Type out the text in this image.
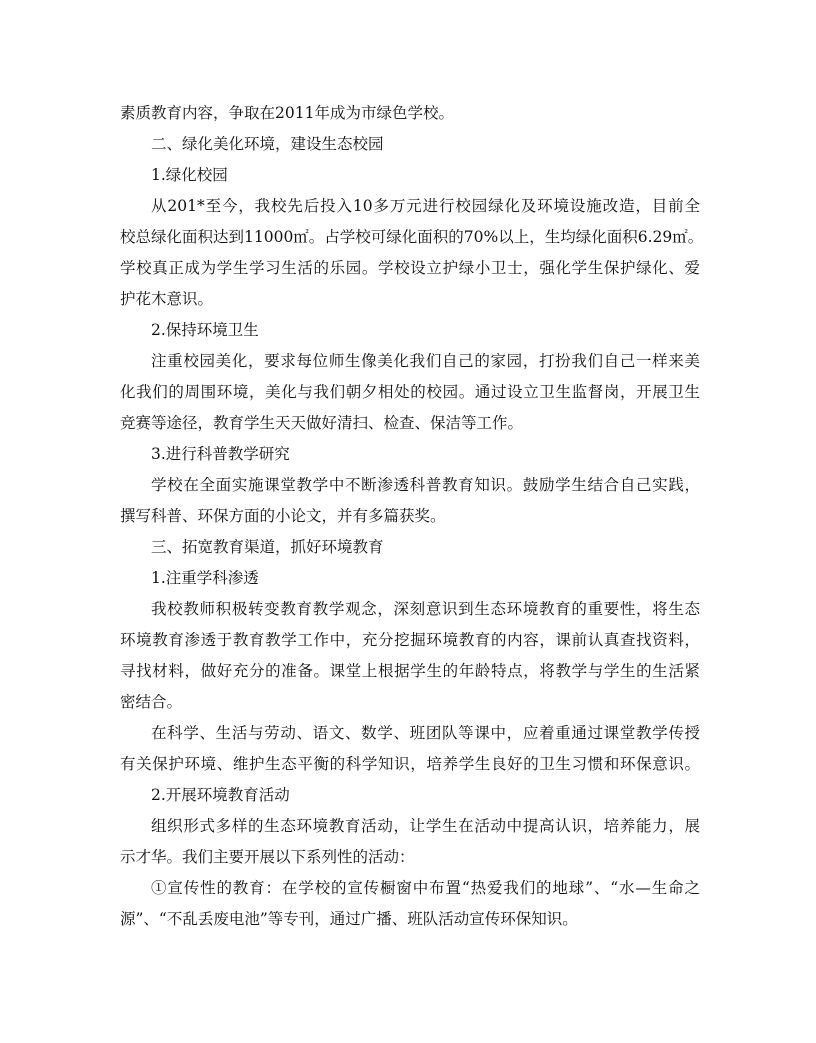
素质教育内容，争取在2011年成为市绿色学校。
二、绿化美化环境，建设生态校园
1.绿化校园
从201*至今，我校先后投入10多万元进行校园绿化及环境设施改造，目前全
校总绿化面积达到11000㎡。占学校可绿化面积的70%以上，生均绿化面积6.29㎡。
学校真正成为学生学习生活的乐园。学校设立护绿小卫士，强化学生保护绿化、爱
护花木意识。
2.保持环境卫生
注重校园美化，要求每位师生像美化我们自己的家园，打扮我们自己一样来美
化我们的周围环境，美化与我们朝夕相处的校园。通过设立卫生监督岗，开展卫生
竞赛等途径，教育学生天天做好清扫、检查、保洁等工作。
3.进行科普教学研究
学校在全面实施课堂教学中不断渗透科普教育知识。鼓励学生结合自己实践，
撰写科普、环保方面的小论文，并有多篇获奖。
三、拓宽教育渠道，抓好环境教育
1.注重学科渗透
我校教师积极转变教育教学观念，深刻意识到生态环境教育的重要性，将生态
环境教育渗透于教育教学工作中，充分挖掘环境教育的内容，课前认真查找资料，
寻找材料，做好充分的准备。课堂上根据学生的年龄特点，将教学与学生的生活紧
密结合。
在科学、生活与劳动、语文、数学、班团队等课中，应着重通过课堂教学传授
有关保护环境、维护生态平衡的科学知识，培养学生良好的卫生习惯和环保意识。
2.开展环境教育活动
组织形式多样的生态环境教育活动，让学生在活动中提高认识，培养能力，展
示才华。我们主要开展以下系列性的活动：
①宣传性的教育：在学校的宣传橱窗中布置“热爱我们的地球”、“水—生命之
源”、“不乱丢废电池”等专刊，通过广播、班队活动宣传环保知识。
